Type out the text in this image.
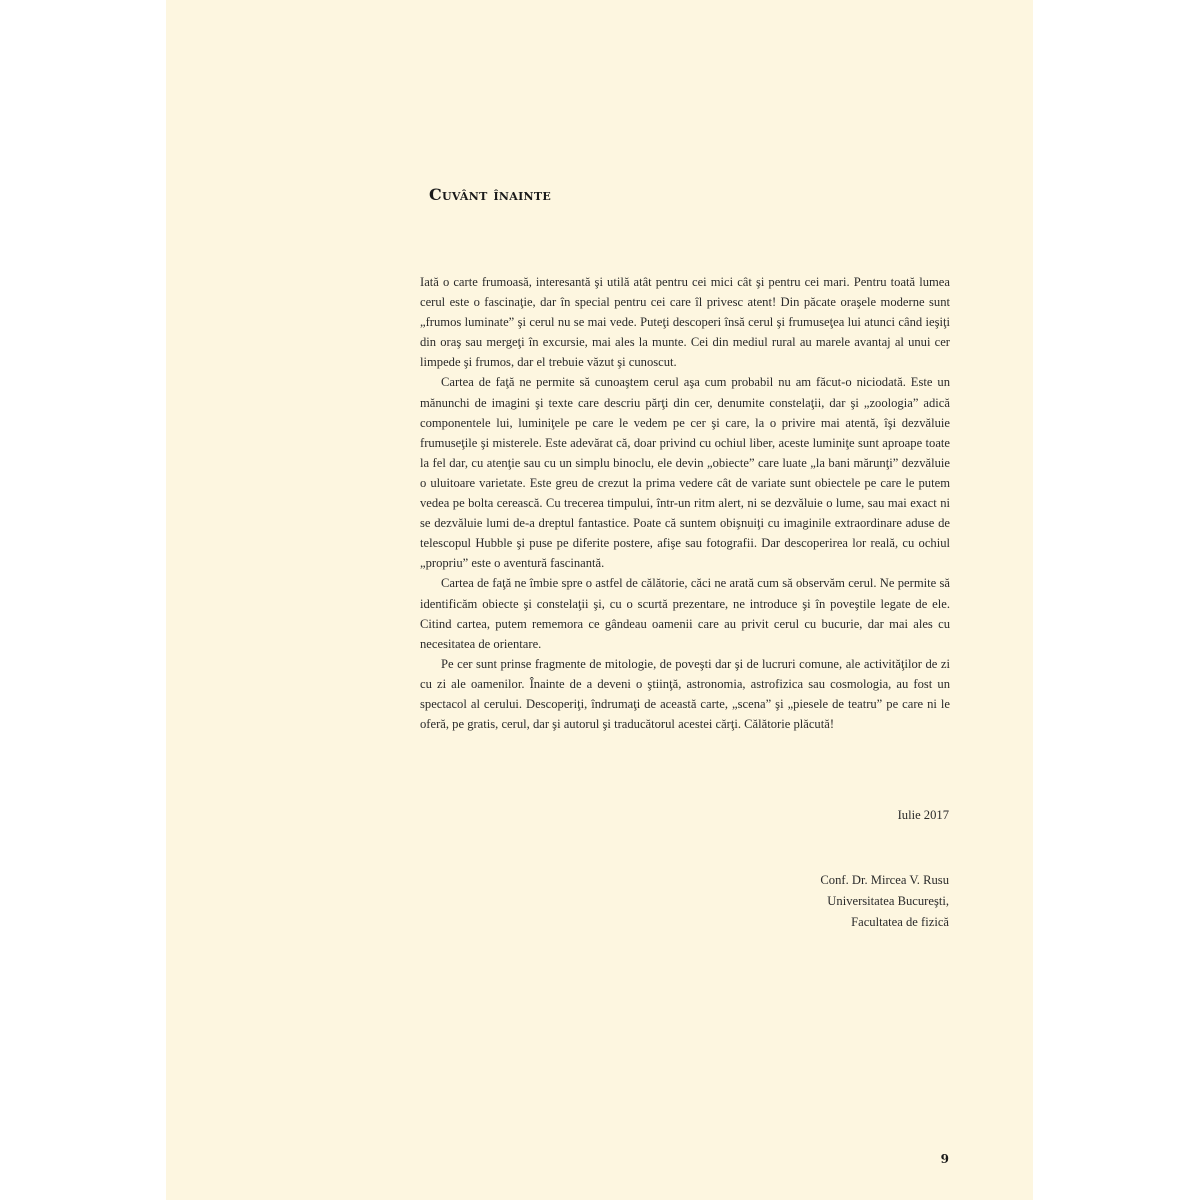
Cuvânt înainte

Iată o carte frumoasă, interesantă şi utilă atât pentru cei mici cât şi pentru cei mari. Pentru toată lumea cerul este o fascinaţie, dar în special pentru cei care îl privesc atent! Din păcate oraşele moderne sunt „frumos luminate” şi cerul nu se mai vede. Puteţi descoperi însă cerul şi frumuseţea lui atunci când ieşiţi din oraş sau mergeţi în excursie, mai ales la munte. Cei din mediul rural au marele avantaj al unui cer limpede şi frumos, dar el trebuie văzut şi cunoscut.

Cartea de faţă ne permite să cunoaştem cerul aşa cum probabil nu am făcut-o niciodată. Este un mănunchi de imagini şi texte care descriu părţi din cer, denumite constelaţii, dar şi „zoologia” adică componentele lui, luminiţele pe care le vedem pe cer şi care, la o privire mai atentă, îşi dezvăluie frumuseţile şi misterele. Este adevărat că, doar privind cu ochiul liber, aceste luminiţe sunt aproape toate la fel dar, cu atenţie sau cu un simplu binoclu, ele devin „obiecte” care luate „la bani mărunţi” dezvăluie o uluitoare varietate. Este greu de crezut la prima vedere cât de variate sunt obiectele pe care le putem vedea pe bolta cerească. Cu trecerea timpului, într-un ritm alert, ni se dezvăluie o lume, sau mai exact ni se dezvăluie lumi de-a dreptul fantastice. Poate că suntem obişnuiţi cu imaginile extraordinare aduse de telescopul Hubble şi puse pe diferite postere, afişe sau fotografii. Dar descoperirea lor reală, cu ochiul „propriu” este o aventură fascinantă.

Cartea de faţă ne îmbie spre o astfel de călătorie, căci ne arată cum să observăm cerul. Ne permite să identificăm obiecte şi constelaţii şi, cu o scurtă prezentare, ne introduce şi în poveştile legate de ele. Citind cartea, putem rememora ce gândeau oamenii care au privit cerul cu bucurie, dar mai ales cu necesitatea de orientare.

Pe cer sunt prinse fragmente de mitologie, de poveşti dar şi de lucruri comune, ale activităţilor de zi cu zi ale oamenilor. Înainte de a deveni o ştiinţă, astronomia, astrofizica sau cosmologia, au fost un spectacol al cerului. Descoperiţi, îndrumaţi de această carte, „scena” şi „piesele de teatru” pe care ni le oferă, pe gratis, cerul, dar şi autorul şi traducătorul acestei cărţi. Călătorie plăcută!

Iulie 2017
Conf. Dr. Mircea V. Rusu
Universitatea Bucureşti,
Facultatea de fizică
9
